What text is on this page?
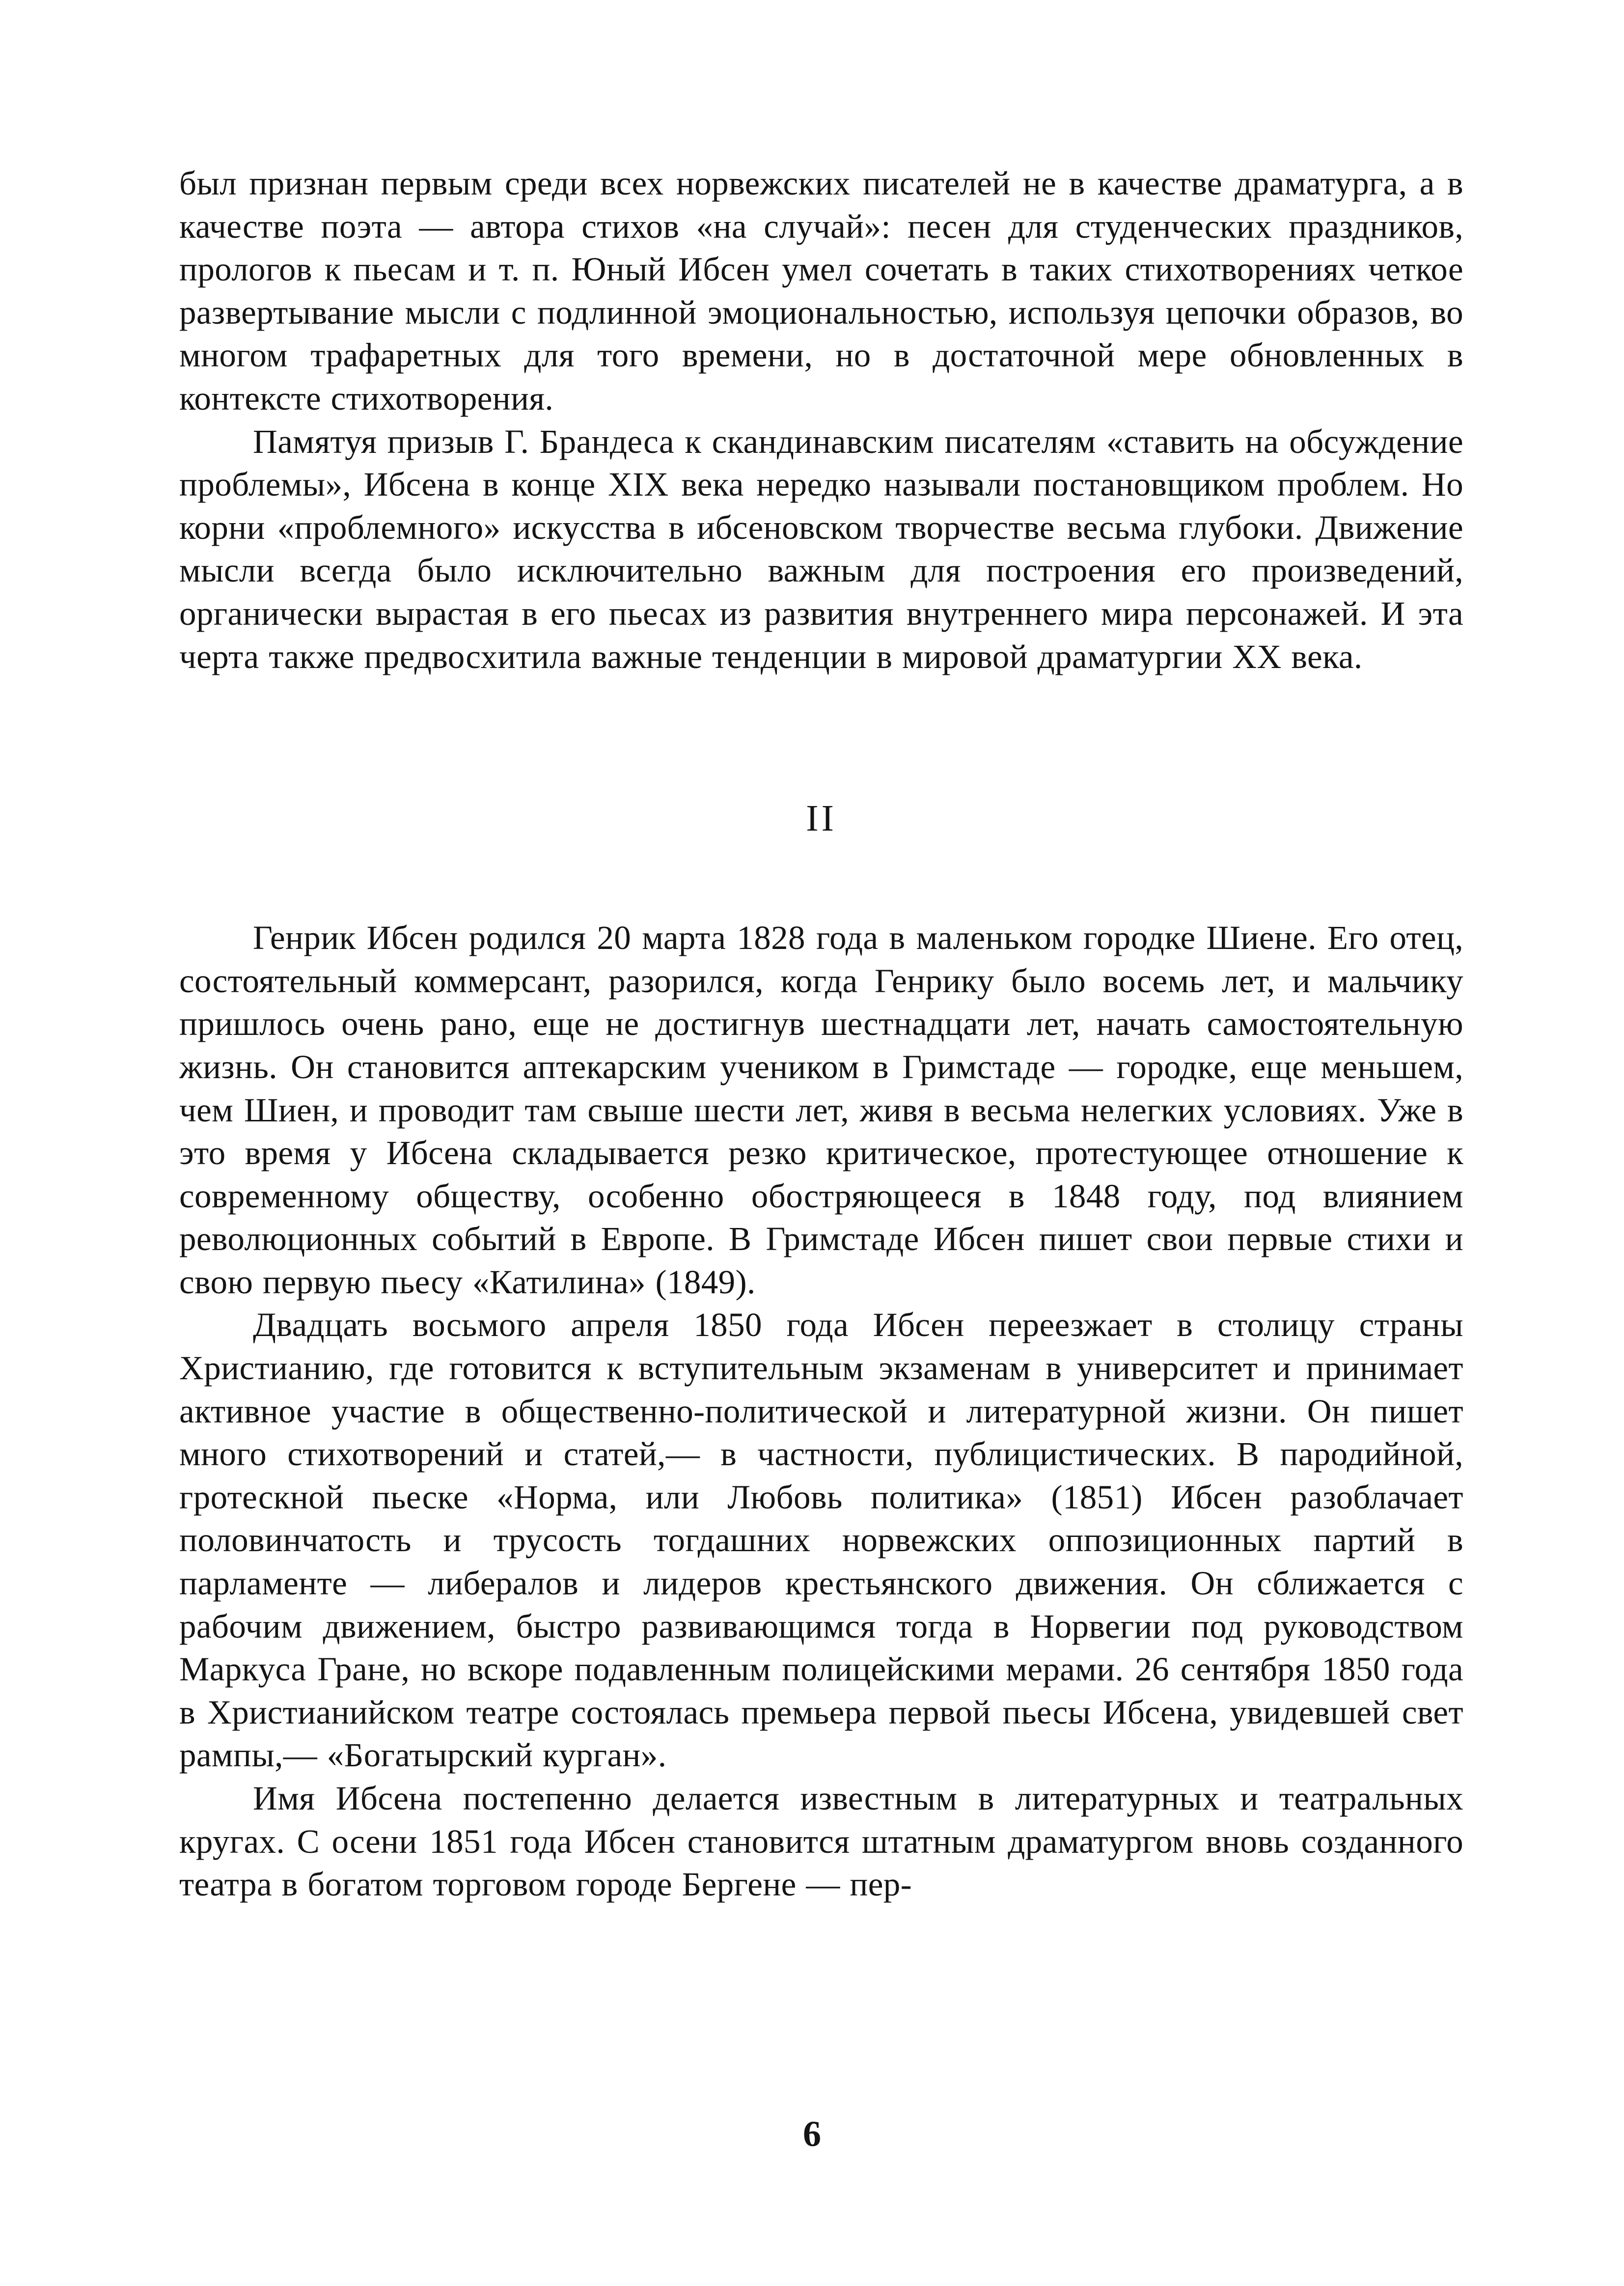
был признан первым среди всех норвежских писателей не в качестве драматурга, а в качестве поэта — автора стихов «на случай»: песен для студенческих праздников, прологов к пьесам и т. п. Юный Ибсен умел сочетать в таких стихотворениях четкое развертывание мысли с подлинной эмоциональностью, используя цепочки образов, во многом трафаретных для того времени, но в достаточной мере обновленных в контексте стихотворения.

Памятуя призыв Г. Брандеса к скандинавским писателям «ставить на обсуждение проблемы», Ибсена в конце XIX века нередко называли постановщиком проблем. Но корни «проблемного» искусства в ибсеновском творчестве весьма глубоки. Движение мысли всегда было исключительно важным для построения его произведений, органически вырастая в его пьесах из развития внутреннего мира персонажей. И эта черта также предвосхитила важные тенденции в мировой драматургии XX века.

II

Генрик Ибсен родился 20 марта 1828 года в маленьком городке Шиене. Его отец, состоятельный коммерсант, разорился, когда Генрику было восемь лет, и мальчику пришлось очень рано, еще не достигнув шестнадцати лет, начать самостоятельную жизнь. Он становится аптекарским учеником в Гримстаде — городке, еще меньшем, чем Шиен, и проводит там свыше шести лет, живя в весьма нелегких условиях. Уже в это время у Ибсена складывается резко критическое, протестующее отношение к современному обществу, особенно обостряющееся в 1848 году, под влиянием революционных событий в Европе. В Гримстаде Ибсен пишет свои первые стихи и свою первую пьесу «Катилина» (1849).

Двадцать восьмого апреля 1850 года Ибсен переезжает в столицу страны Христианию, где готовится к вступительным экзаменам в университет и принимает активное участие в общественно-политической и литературной жизни. Он пишет много стихотворений и статей,— в частности, публицистических. В пародийной, гротескной пьеске «Норма, или Любовь политика» (1851) Ибсен разоблачает половинчатость и трусость тогдашних норвежских оппозиционных партий в парламенте — либералов и лидеров крестьянского движения. Он сближается с рабочим движением, быстро развивающимся тогда в Норвегии под руководством Маркуса Гране, но вскоре подавленным полицейскими мерами. 26 сентября 1850 года в Христианийском театре состоялась премьера первой пьесы Ибсена, увидевшей свет рампы,— «Богатырский курган».

Имя Ибсена постепенно делается известным в литературных и театральных кругах. С осени 1851 года Ибсен становится штатным драматургом вновь созданного театра в богатом торговом городе Бергене — пер-

6
